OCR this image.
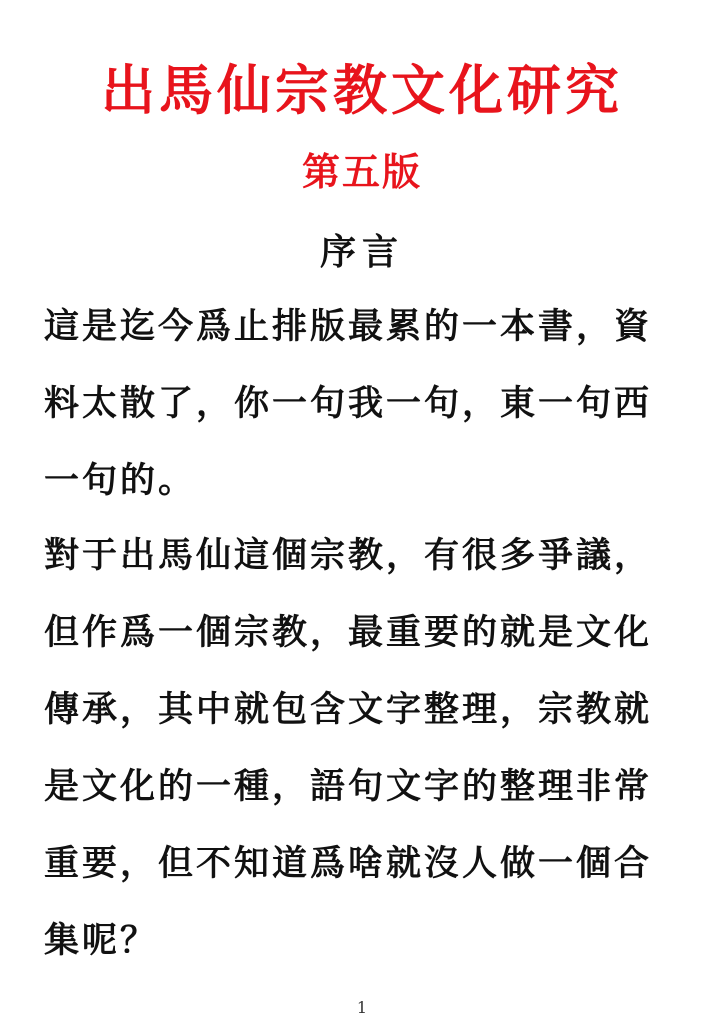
出馬仙宗教文化研究
第五版
序言
這是迄今爲止排版最累的一本書，資料太散了，你一句我一句，東一句西一句的。
對于出馬仙這個宗教，有很多爭議，但作爲一個宗教，最重要的就是文化傳承，其中就包含文字整理，宗教就是文化的一種，語句文字的整理非常重要，但不知道爲啥就沒人做一個合集呢？
1
